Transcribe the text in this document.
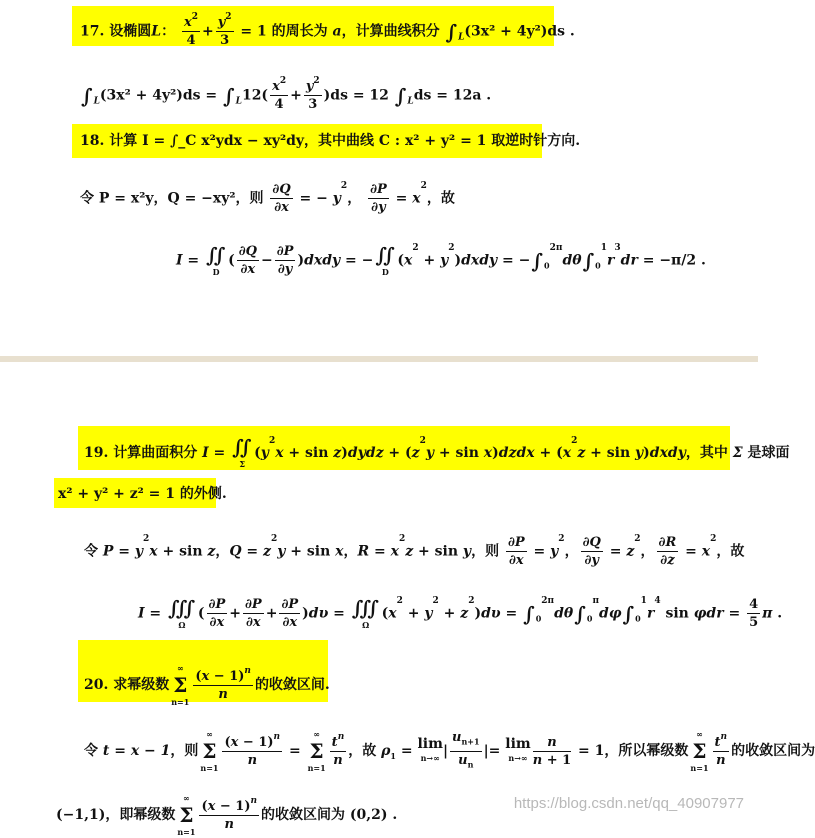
17. 设椭圆L： $\frac{x^2}{4} + \frac{y^2}{3} = 1$ 的周长为 a，计算曲线积分 $\int_L(3x^2 + 4y^2)ds$ .
$\int_L(3x^2 + 4y^2)ds = \int_L12( \frac{x^2}{4} + \frac{y^2}{3} )ds = 12$ $\int_Lds = 12a$ .
18. 计算 I = ∫_C x²ydx − xy²dy，其中曲线 C : x² + y² = 1 取逆时针方向.
令 P = x²y，Q = −xy²，则 $\frac{\partial Q}{\partial x}$ = − $y^2$， $\frac{\partial P}{\partial y} = x^2$，故
I = ∬
D
( $\frac{\partial Q}{\partial x} - \frac{\partial P}{\partial y}$ )dxdy = − ∬
D
($x^2$ + $y^2)dxdy = -\int_0^{2\pi}d\theta\int_0^1r^3dr = -\pi/2$ .
19. 计算曲面积分 I = ∬
Σ
($y^2x + \sin$ z)dydz + ($z^2y + \sin$ x)dzdx + ($x^2z + \sin$ y)dxdy，其中 Σ 是球面
x² + y² + z² = 1 的外侧.
令 $P = y^2x + \sin z$，$Q = z^2y + \sin x$，$R = x^2z + \sin y$，则 $\frac{\partial P}{\partial x} = y^2$， $\frac{\partial Q}{\partial y} = z^2$， $\frac{\partial R}{\partial z} = x^2$，故
I = ∭
Ω
( $\frac{\partial P}{\partial x} + \frac{\partial P}{\partial x} + \frac{\partial P}{\partial x} )d\upsilon$ = ∭
Ω
$(x^2 + y^2 + z^2)d\upsilon = \int_0^{2\pi}d\theta\int_0^\pi d\varphi\int_0^1r^4$ $\sin \varphi dr = \frac{4}{5}$ π .
20. 求幂级数
∞
Σ
$n=1 \frac{(x - 1)^n}{n}$ 的收敛区间.
令 t = x − 1，则
∞
Σ
$n=1 \frac{(x - 1)^n}{n}$ =
∞
Σ
$n=1 \frac{t^n}{n}$ ，故 $\rho_1 = \lim$
n→∞ | $\frac{u_{n+1}}{u_n}$ |= lim
$n\to\infty \frac{n}{n + 1} = 1$，所以幂级数
∞
Σ
$n=1 \frac{t^n}{n}$ 的收敛区间为
(−1,1)，即幂级数
∞
Σ
$n=1 \frac{(x - 1)^n}{n}$ 的收敛区间为 (0,2) .
https://blog.csdn.net/qq_40907977
